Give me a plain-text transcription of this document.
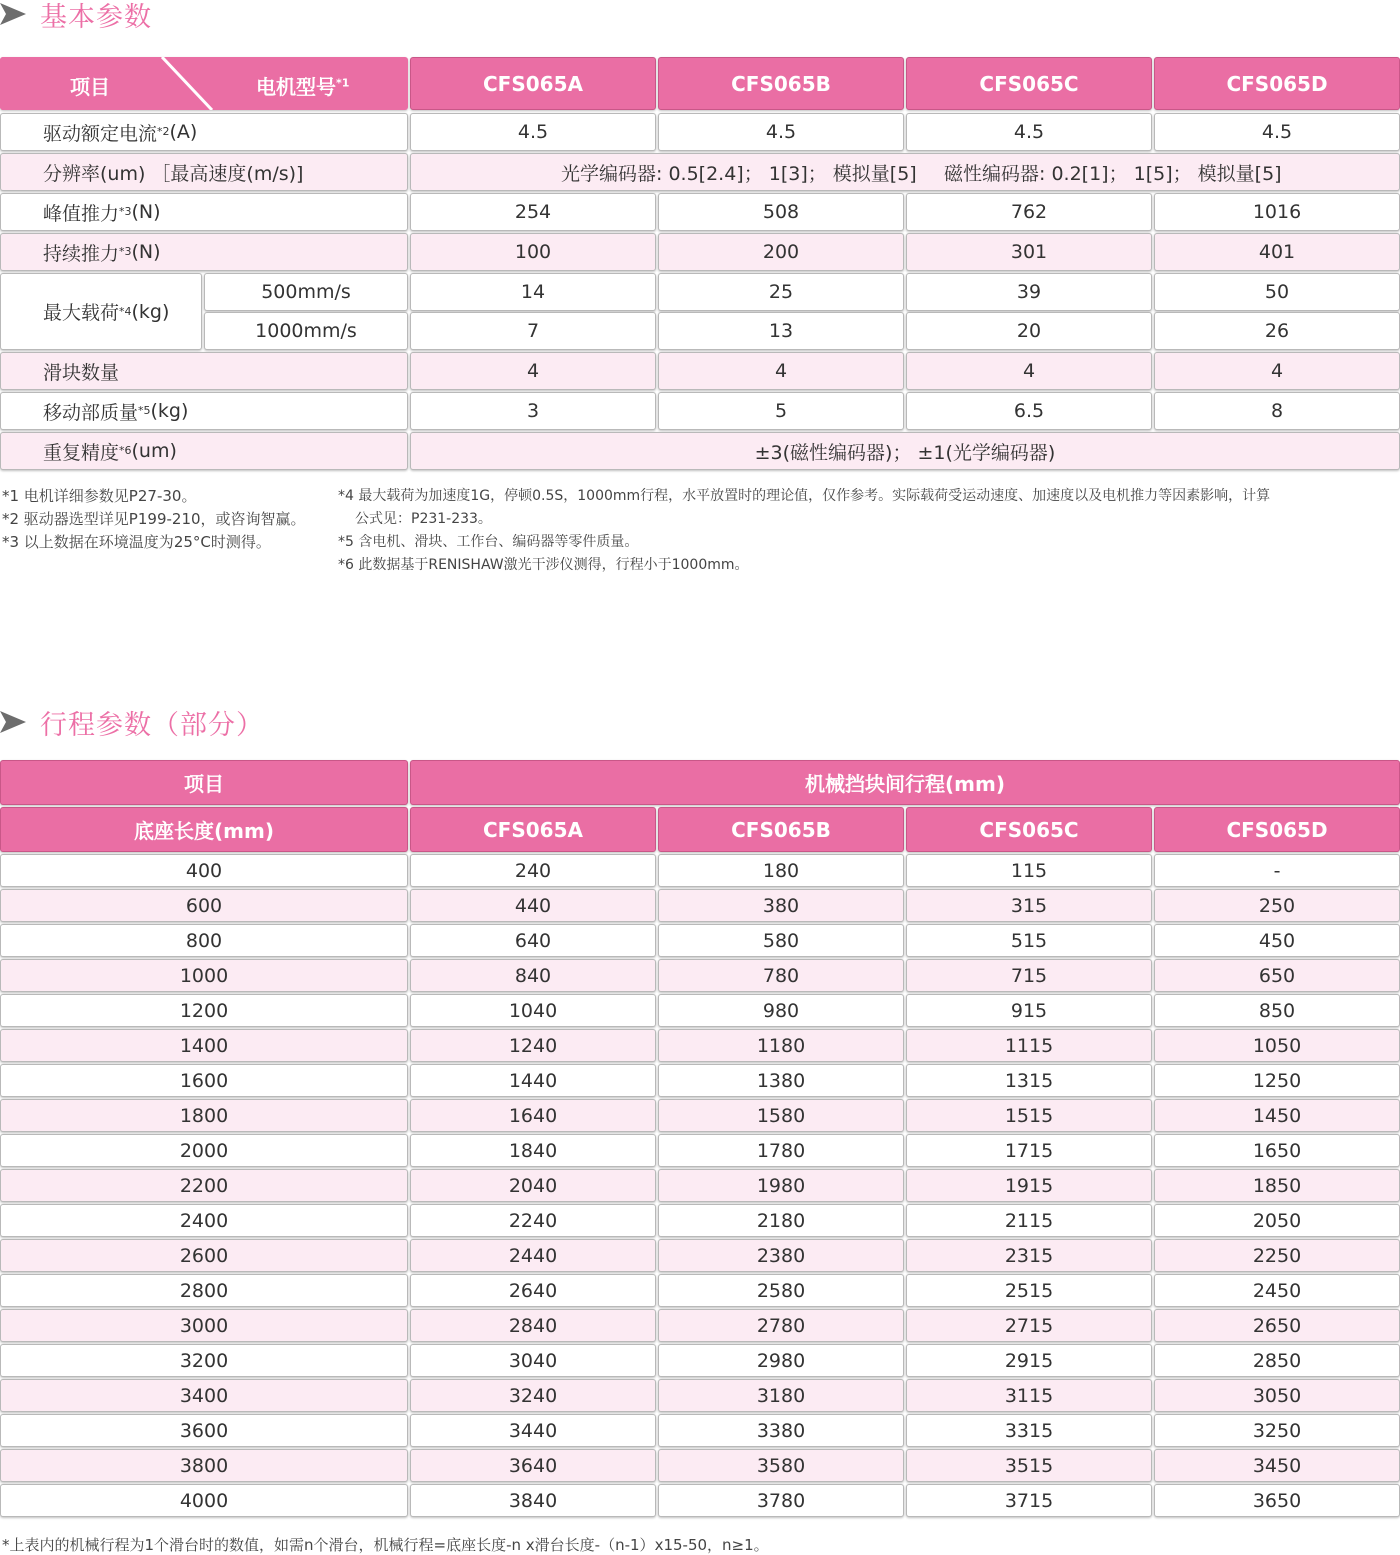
基本参数
项目	电机型号$^{*1}$	CFS065A	CFS065B	CFS065C	CFS065D
驱动额定电流 *2 (A)	4.5	4.5	4.5	4.5
分辨率(um) ［最高速度(m/s)]	光学编码器: 0.5[2.4]； 1[3]； 模拟量[5] 磁性编码器: 0.2[1]； 1[5]； 模拟量[5]
峰值推力 *3 (N)	254	508	762	1016
持续推力 *3 (N)	100	200	301	401
最大载荷 *4 (kg)
500mm/s	14	25	39	50
1000mm/s	7	13	20	26
滑块数量	4	4	4	4
移动部质量 *5 (kg)	3	5	6.5	8
重复精度 *6 (um)	±3(磁性编码器)； ±1(光学编码器)
*1 电机详细参数见P27-30。
*2 驱动器选型详见P199-210，或咨询智赢。
*3 以上数据在环境温度为25°C时测得。
*4 最大载荷为加速度1G，停顿0.5S，1000mm行程，水平放置时的理论值，仅作参考。实际载荷受运动速度、加速度以及电机推力等因素影响，计算
公式见：P231-233。
*5 含电机、滑块、工作台、编码器等零件质量。
*6 此数据基于RENISHAW激光干涉仪测得，行程小于1000mm。
行程参数（部分）
项目	机械挡块间行程(mm)
底座长度(mm)	CFS065A	CFS065B	CFS065C	CFS065D
400	240	180	115	-
600	440	380	315	250
800	640	580	515	450
1000	840	780	715	650
1200	1040	980	915	850
1400	1240	1180	1115	1050
1600	1440	1380	1315	1250
1800	1640	1580	1515	1450
2000	1840	1780	1715	1650
2200	2040	1980	1915	1850
2400	2240	2180	2115	2050
2600	2440	2380	2315	2250
2800	2640	2580	2515	2450
3000	2840	2780	2715	2650
3200	3040	2980	2915	2850
3400	3240	3180	3115	3050
3600	3440	3380	3315	3250
3800	3640	3580	3515	3450
4000	3840	3780	3715	3650
*上表内的机械行程为1个滑台时的数值，如需n个滑台，机械行程=底座长度-n x滑台长度-（n-1）x15-50，n≥1。
